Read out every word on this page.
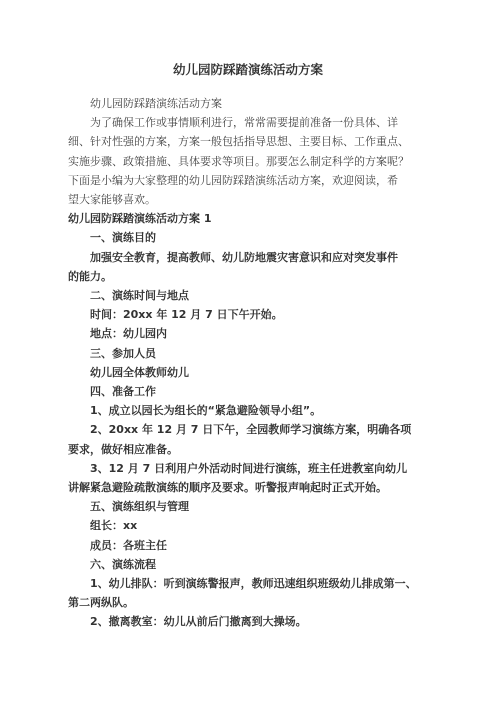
幼儿园防踩踏演练活动方案
幼儿园防踩踏演练活动方案
为了确保工作或事情顺利进行，常常需要提前准备一份具体、详
细、针对性强的方案，方案一般包括指导思想、主要目标、工作重点、
实施步骤、政策措施、具体要求等项目。那要怎么制定科学的方案呢？
下面是小编为大家整理的幼儿园防踩踏演练活动方案，欢迎阅读，希
望大家能够喜欢。
幼儿园防踩踏演练活动方案 1
一、演练目的
加强安全教育，提高教师、幼儿防地震灾害意识和应对突发事件
的能力。
二、演练时间与地点
时间：20xx 年 12 月 7 日下午开始。
地点：幼儿园内
三、参加人员
幼儿园全体教师幼儿
四、准备工作
1、成立以园长为组长的“紧急避险领导小组”。
2、20xx 年 12 月 7 日下午，全园教师学习演练方案，明确各项
要求，做好相应准备。
3、12 月 7 日利用户外活动时间进行演练，班主任进教室向幼儿
讲解紧急避险疏散演练的顺序及要求。听警报声响起时正式开始。
五、演练组织与管理
组长：xx
成员：各班主任
六、演练流程
1、幼儿排队：听到演练警报声，教师迅速组织班级幼儿排成第一、
第二两纵队。
2、撤离教室：幼儿从前后门撤离到大操场。
